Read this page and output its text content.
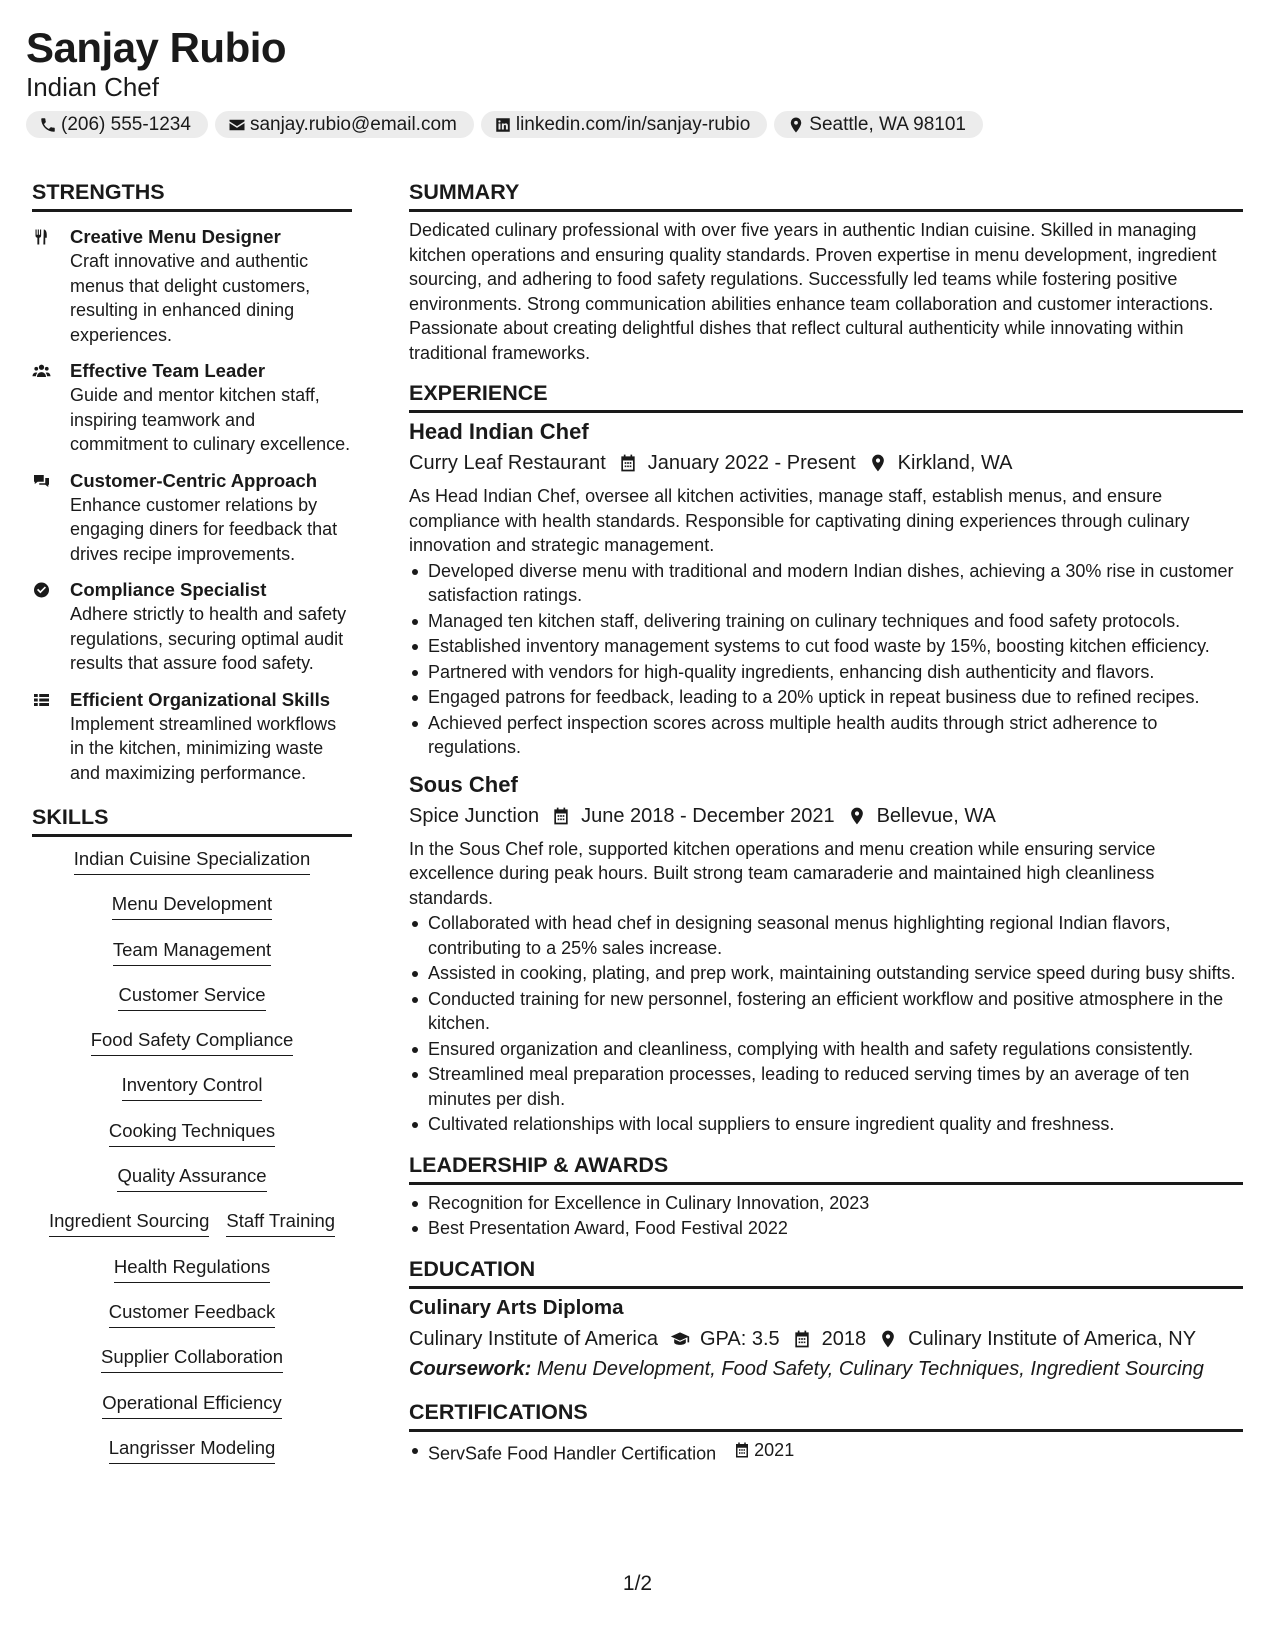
Sanjay Rubio
Indian Chef
(206) 555-1234	sanjay.rubio@email.com	linkedin.com/in/sanjay-rubio	Seattle, WA 98101
STRENGTHS
Creative Menu Designer
Craft innovative and authentic menus that delight customers, resulting in enhanced dining experiences.
Effective Team Leader
Guide and mentor kitchen staff, inspiring teamwork and commitment to culinary excellence.
Customer-Centric Approach
Enhance customer relations by engaging diners for feedback that drives recipe improvements.
Compliance Specialist
Adhere strictly to health and safety regulations, securing optimal audit results that assure food safety.
Efficient Organizational Skills
Implement streamlined workflows in the kitchen, minimizing waste and maximizing performance.
SKILLS
Indian Cuisine Specialization
Menu Development
Team Management
Customer Service
Food Safety Compliance
Inventory Control
Cooking Techniques
Quality Assurance
Ingredient Sourcing Staff Training
Health Regulations
Customer Feedback
Supplier Collaboration
Operational Efficiency
Langrisser Modeling
SUMMARY
Dedicated culinary professional with over five years in authentic Indian cuisine. Skilled in managing kitchen operations and ensuring quality standards. Proven expertise in menu development, ingredient sourcing, and adhering to food safety regulations. Successfully led teams while fostering positive environments. Strong communication abilities enhance team collaboration and customer interactions. Passionate about creating delightful dishes that reflect cultural authenticity while innovating within traditional frameworks.
EXPERIENCE
Head Indian Chef
Curry Leaf Restaurant January 2022 - Present Kirkland, WA
As Head Indian Chef, oversee all kitchen activities, manage staff, establish menus, and ensure compliance with health standards. Responsible for captivating dining experiences through culinary innovation and strategic management.
Developed diverse menu with traditional and modern Indian dishes, achieving a 30% rise in customer satisfaction ratings.
Managed ten kitchen staff, delivering training on culinary techniques and food safety protocols.
Established inventory management systems to cut food waste by 15%, boosting kitchen efficiency.
Partnered with vendors for high-quality ingredients, enhancing dish authenticity and flavors.
Engaged patrons for feedback, leading to a 20% uptick in repeat business due to refined recipes.
Achieved perfect inspection scores across multiple health audits through strict adherence to regulations.
Sous Chef
Spice Junction June 2018 - December 2021 Bellevue, WA
In the Sous Chef role, supported kitchen operations and menu creation while ensuring service excellence during peak hours. Built strong team camaraderie and maintained high cleanliness standards.
Collaborated with head chef in designing seasonal menus highlighting regional Indian flavors, contributing to a 25% sales increase.
Assisted in cooking, plating, and prep work, maintaining outstanding service speed during busy shifts.
Conducted training for new personnel, fostering an efficient workflow and positive atmosphere in the kitchen.
Ensured organization and cleanliness, complying with health and safety regulations consistently.
Streamlined meal preparation processes, leading to reduced serving times by an average of ten minutes per dish.
Cultivated relationships with local suppliers to ensure ingredient quality and freshness.
LEADERSHIP & AWARDS
Recognition for Excellence in Culinary Innovation, 2023
Best Presentation Award, Food Festival 2022
EDUCATION
Culinary Arts Diploma
Culinary Institute of America GPA: 3.5 2018 Culinary Institute of America, NY
Coursework: Menu Development, Food Safety, Culinary Techniques, Ingredient Sourcing
CERTIFICATIONS
ServSafe Food Handler Certification 2021
1/2
